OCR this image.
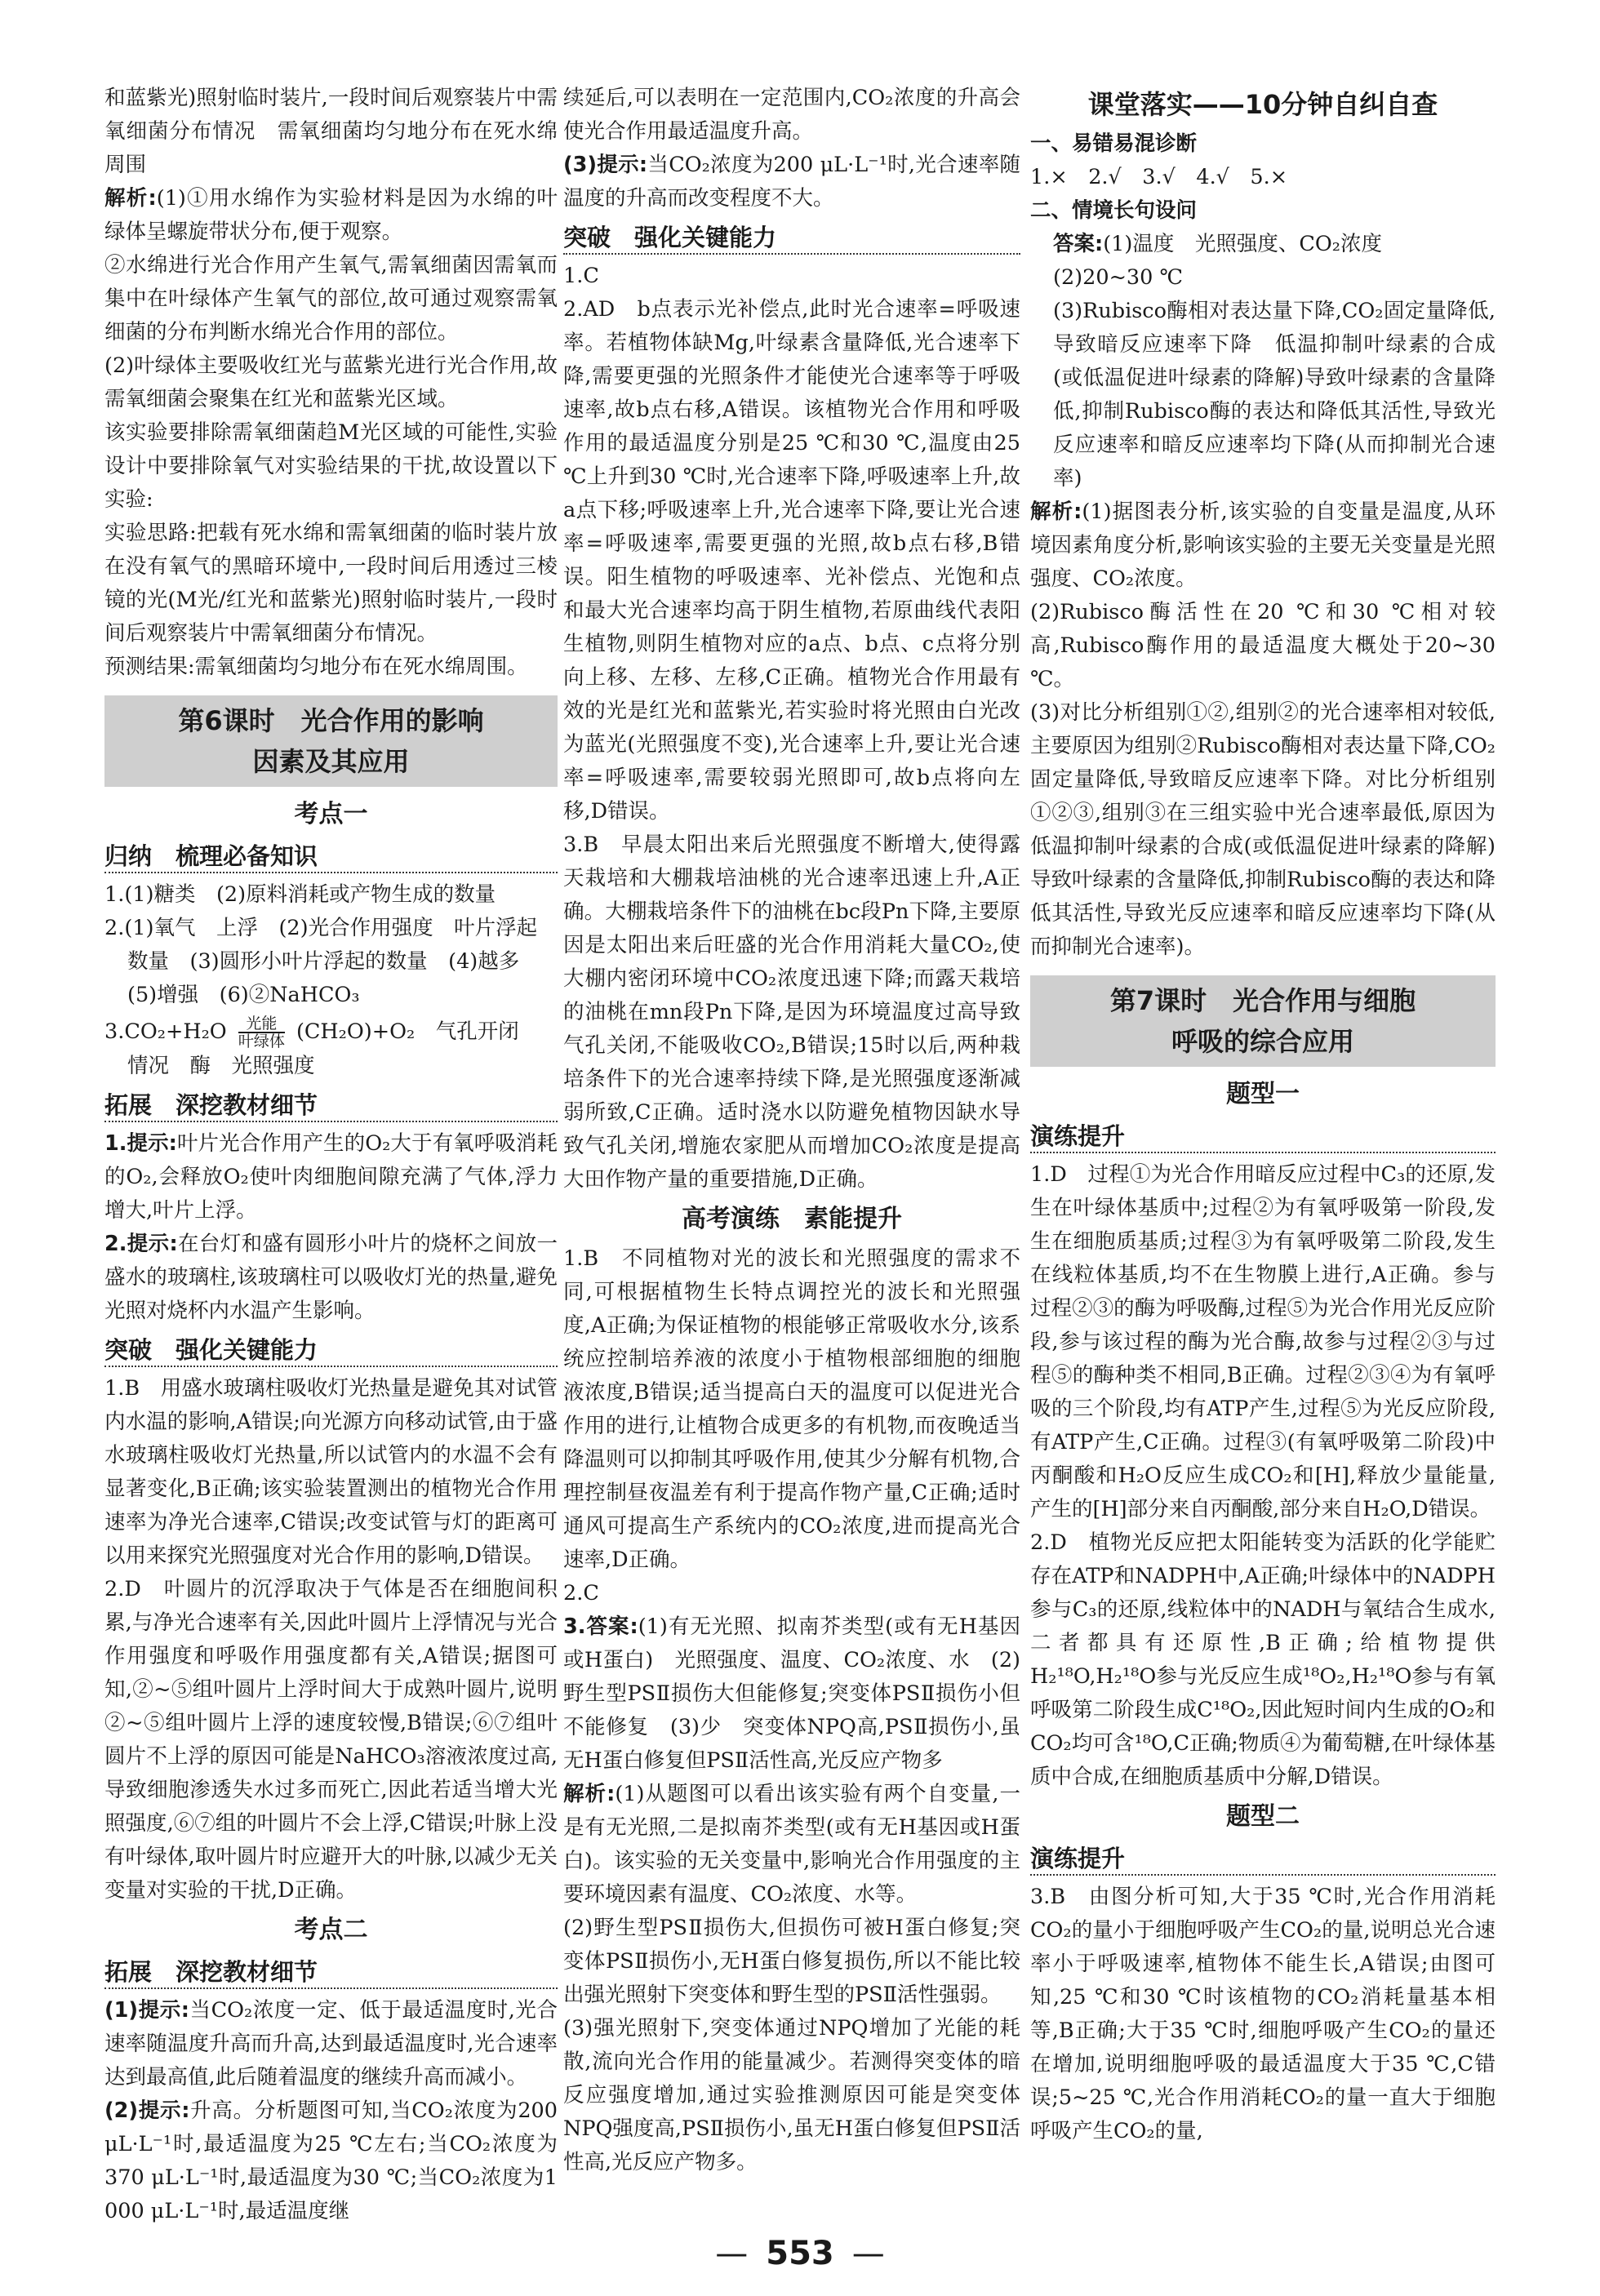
和蓝紫光)照射临时装片,一段时间后观察装片中需氧细菌分布情况　需氧细菌均匀地分布在死水绵周围

解析:(1)①用水绵作为实验材料是因为水绵的叶绿体呈螺旋带状分布,便于观察。

②水绵进行光合作用产生氧气,需氧细菌因需氧而集中在叶绿体产生氧气的部位,故可通过观察需氧细菌的分布判断水绵光合作用的部位。

(2)叶绿体主要吸收红光与蓝紫光进行光合作用,故需氧细菌会聚集在红光和蓝紫光区域。

该实验要排除需氧细菌趋M光区域的可能性,实验设计中要排除氧气对实验结果的干扰,故设置以下实验:

实验思路:把载有死水绵和需氧细菌的临时装片放在没有氧气的黑暗环境中,一段时间后用透过三棱镜的光(M光/红光和蓝紫光)照射临时装片,一段时间后观察装片中需氧细菌分布情况。

预测结果:需氧细菌均匀地分布在死水绵周围。

第6课时　光合作用的影响
因素及其应用
考点一
归纳　梳理必备知识

1.(1)糖类　(2)原料消耗或产物生成的数量

2.(1)氧气　上浮　(2)光合作用强度　叶片浮起

数量　(3)圆形小叶片浮起的数量　(4)越多

(5)增强　(6)②NaHCO₃

3.CO₂+H₂O	光能
叶绿体 (CH₂O)+O₂　气孔开闭

情况　酶　光照强度

拓展　深挖教材细节

1.提示:叶片光合作用产生的O₂大于有氧呼吸消耗的O₂,会释放O₂使叶肉细胞间隙充满了气体,浮力增大,叶片上浮。

2.提示:在台灯和盛有圆形小叶片的烧杯之间放一盛水的玻璃柱,该玻璃柱可以吸收灯光的热量,避免光照对烧杯内水温产生影响。

突破　强化关键能力

1.B　用盛水玻璃柱吸收灯光热量是避免其对试管内水温的影响,A错误;向光源方向移动试管,由于盛水玻璃柱吸收灯光热量,所以试管内的水温不会有显著变化,B正确;该实验装置测出的植物光合作用速率为净光合速率,C错误;改变试管与灯的距离可以用来探究光照强度对光合作用的影响,D错误。

2.D　叶圆片的沉浮取决于气体是否在细胞间积累,与净光合速率有关,因此叶圆片上浮情况与光合作用强度和呼吸作用强度都有关,A错误;据图可知,②~⑤组叶圆片上浮时间大于成熟叶圆片,说明②~⑤组叶圆片上浮的速度较慢,B错误;⑥⑦组叶圆片不上浮的原因可能是NaHCO₃溶液浓度过高,导致细胞渗透失水过多而死亡,因此若适当增大光照强度,⑥⑦组的叶圆片不会上浮,C错误;叶脉上没有叶绿体,取叶圆片时应避开大的叶脉,以减少无关变量对实验的干扰,D正确。

考点二
拓展　深挖教材细节

(1)提示:当CO₂浓度一定、低于最适温度时,光合速率随温度升高而升高,达到最适温度时,光合速率达到最高值,此后随着温度的继续升高而减小。

(2)提示:升高。分析题图可知,当CO₂浓度为200 μL·L⁻¹时,最适温度为25 ℃左右;当CO₂浓度为370 μL·L⁻¹时,最适温度为30 ℃;当CO₂浓度为1 000 μL·L⁻¹时,最适温度继

续延后,可以表明在一定范围内,CO₂浓度的升高会使光合作用最适温度升高。

(3)提示:当CO₂浓度为200 μL·L⁻¹时,光合速率随温度的升高而改变程度不大。

突破　强化关键能力

1.C

2.AD　b点表示光补偿点,此时光合速率=呼吸速率。若植物体缺Mg,叶绿素含量降低,光合速率下降,需要更强的光照条件才能使光合速率等于呼吸速率,故b点右移,A错误。该植物光合作用和呼吸作用的最适温度分别是25 ℃和30 ℃,温度由25 ℃上升到30 ℃时,光合速率下降,呼吸速率上升,故a点下移;呼吸速率上升,光合速率下降,要让光合速率=呼吸速率,需要更强的光照,故b点右移,B错误。阳生植物的呼吸速率、光补偿点、光饱和点和最大光合速率均高于阴生植物,若原曲线代表阳生植物,则阴生植物对应的a点、b点、c点将分别向上移、左移、左移,C正确。植物光合作用最有效的光是红光和蓝紫光,若实验时将光照由白光改为蓝光(光照强度不变),光合速率上升,要让光合速率=呼吸速率,需要较弱光照即可,故b点将向左移,D错误。

3.B　早晨太阳出来后光照强度不断增大,使得露天栽培和大棚栽培油桃的光合速率迅速上升,A正确。大棚栽培条件下的油桃在bc段Pn下降,主要原因是太阳出来后旺盛的光合作用消耗大量CO₂,使大棚内密闭环境中CO₂浓度迅速下降;而露天栽培的油桃在mn段Pn下降,是因为环境温度过高导致气孔关闭,不能吸收CO₂,B错误;15时以后,两种栽培条件下的光合速率持续下降,是光照强度逐渐减弱所致,C正确。适时浇水以防避免植物因缺水导致气孔关闭,增施农家肥从而增加CO₂浓度是提高大田作物产量的重要措施,D正确。

高考演练　素能提升

1.B　不同植物对光的波长和光照强度的需求不同,可根据植物生长特点调控光的波长和光照强度,A正确;为保证植物的根能够正常吸收水分,该系统应控制培养液的浓度小于植物根部细胞的细胞液浓度,B错误;适当提高白天的温度可以促进光合作用的进行,让植物合成更多的有机物,而夜晚适当降温则可以抑制其呼吸作用,使其少分解有机物,合理控制昼夜温差有利于提高作物产量,C正确;适时通风可提高生产系统内的CO₂浓度,进而提高光合速率,D正确。

2.C

3.答案:(1)有无光照、拟南芥类型(或有无H基因或H蛋白)　光照强度、温度、CO₂浓度、水　(2)野生型PSⅡ损伤大但能修复;突变体PSⅡ损伤小但不能修复　(3)少　突变体NPQ高,PSⅡ损伤小,虽无H蛋白修复但PSⅡ活性高,光反应产物多

解析:(1)从题图可以看出该实验有两个自变量,一是有无光照,二是拟南芥类型(或有无H基因或H蛋白)。该实验的无关变量中,影响光合作用强度的主要环境因素有温度、CO₂浓度、水等。

(2)野生型PSⅡ损伤大,但损伤可被H蛋白修复;突变体PSⅡ损伤小,无H蛋白修复损伤,所以不能比较出强光照射下突变体和野生型的PSⅡ活性强弱。

(3)强光照射下,突变体通过NPQ增加了光能的耗散,流向光合作用的能量减少。若测得突变体的暗反应强度增加,通过实验推测原因可能是突变体NPQ强度高,PSⅡ损伤小,虽无H蛋白修复但PSⅡ活性高,光反应产物多。

课堂落实——10分钟自纠自查
一、易错易混诊断

1.×　2.√　3.√　4.√　5.×

二、情境长句设问

答案:(1)温度　光照强度、CO₂浓度

(2)20~30 ℃

(3)Rubisco酶相对表达量下降,CO₂固定量降低,导致暗反应速率下降　低温抑制叶绿素的合成(或低温促进叶绿素的降解)导致叶绿素的含量降低,抑制Rubisco酶的表达和降低其活性,导致光反应速率和暗反应速率均下降(从而抑制光合速率)

解析:(1)据图表分析,该实验的自变量是温度,从环境因素角度分析,影响该实验的主要无关变量是光照强度、CO₂浓度。

(2)Rubisco酶活性在20 ℃和30 ℃相对较高,Rubisco酶作用的最适温度大概处于20~30 ℃。

(3)对比分析组别①②,组别②的光合速率相对较低,主要原因为组别②Rubisco酶相对表达量下降,CO₂固定量降低,导致暗反应速率下降。对比分析组别①②③,组别③在三组实验中光合速率最低,原因为低温抑制叶绿素的合成(或低温促进叶绿素的降解)导致叶绿素的含量降低,抑制Rubisco酶的表达和降低其活性,导致光反应速率和暗反应速率均下降(从而抑制光合速率)。

第7课时　光合作用与细胞
呼吸的综合应用
题型一
演练提升

1.D　过程①为光合作用暗反应过程中C₃的还原,发生在叶绿体基质中;过程②为有氧呼吸第一阶段,发生在细胞质基质;过程③为有氧呼吸第二阶段,发生在线粒体基质,均不在生物膜上进行,A正确。参与过程②③的酶为呼吸酶,过程⑤为光合作用光反应阶段,参与该过程的酶为光合酶,故参与过程②③与过程⑤的酶种类不相同,B正确。过程②③④为有氧呼吸的三个阶段,均有ATP产生,过程⑤为光反应阶段,有ATP产生,C正确。过程③(有氧呼吸第二阶段)中丙酮酸和H₂O反应生成CO₂和[H],释放少量能量,产生的[H]部分来自丙酮酸,部分来自H₂O,D错误。

2.D　植物光反应把太阳能转变为活跃的化学能贮存在ATP和NADPH中,A正确;叶绿体中的NADPH参与C₃的还原,线粒体中的NADH与氧结合生成水,二者都具有还原性,B正确;给植物提供H₂¹⁸O,H₂¹⁸O参与光反应生成¹⁸O₂,H₂¹⁸O参与有氧呼吸第二阶段生成C¹⁸O₂,因此短时间内生成的O₂和CO₂均可含¹⁸O,C正确;物质④为葡萄糖,在叶绿体基质中合成,在细胞质基质中分解,D错误。

题型二
演练提升

3.B　由图分析可知,大于35 ℃时,光合作用消耗CO₂的量小于细胞呼吸产生CO₂的量,说明总光合速率小于呼吸速率,植物体不能生长,A错误;由图可知,25 ℃和30 ℃时该植物的CO₂消耗量基本相等,B正确;大于35 ℃时,细胞呼吸产生CO₂的量还在增加,说明细胞呼吸的最适温度大于35 ℃,C错误;5~25 ℃,光合作用消耗CO₂的量一直大于细胞呼吸产生CO₂的量,

— 553 —
